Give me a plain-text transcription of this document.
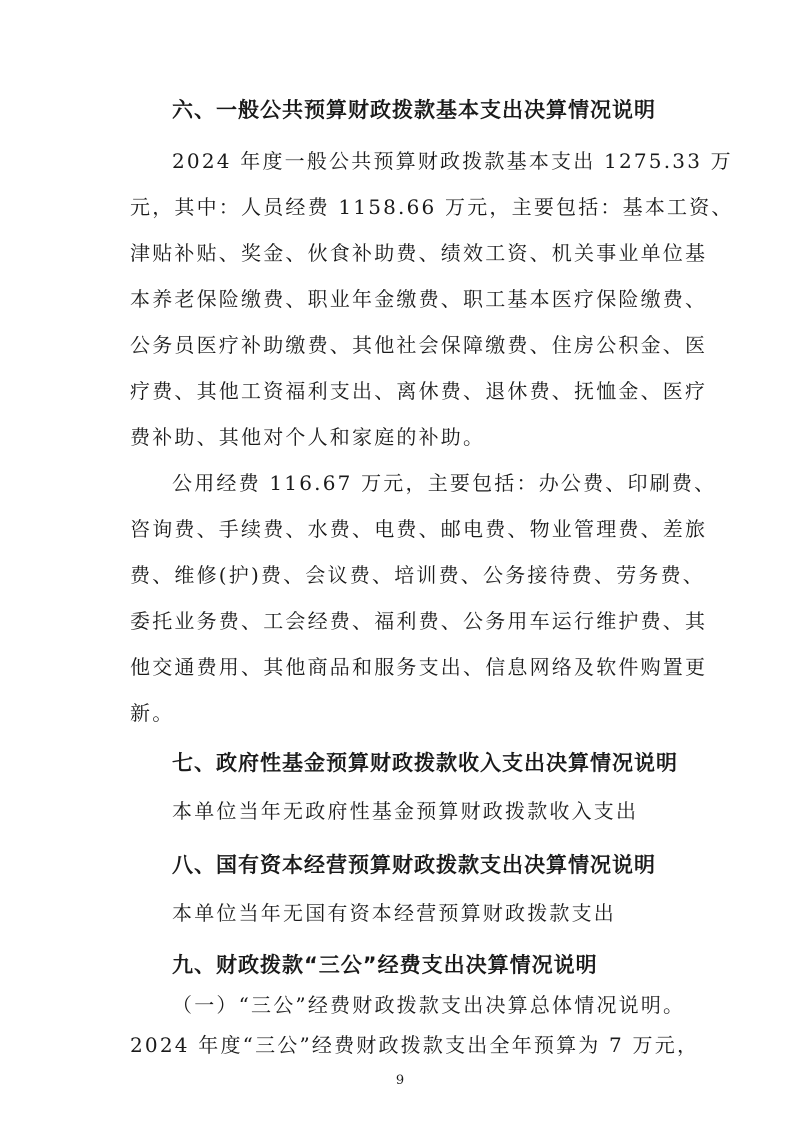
六、一般公共预算财政拨款基本支出决算情况说明
2024 年度一般公共预算财政拨款基本支出 1275.33 万
元，其中：人员经费 1158.66 万元，主要包括：基本工资、
津贴补贴、奖金、伙食补助费、绩效工资、机关事业单位基
本养老保险缴费、职业年金缴费、职工基本医疗保险缴费、
公务员医疗补助缴费、其他社会保障缴费、住房公积金、医
疗费、其他工资福利支出、离休费、退休费、抚恤金、医疗
费补助、其他对个人和家庭的补助。
公用经费 116.67 万元，主要包括：办公费、印刷费、
咨询费、手续费、水费、电费、邮电费、物业管理费、差旅
费、维修(护)费、会议费、培训费、公务接待费、劳务费、
委托业务费、工会经费、福利费、公务用车运行维护费、其
他交通费用、其他商品和服务支出、信息网络及软件购置更
新。
七、政府性基金预算财政拨款收入支出决算情况说明
本单位当年无政府性基金预算财政拨款收入支出
八、国有资本经营预算财政拨款支出决算情况说明
本单位当年无国有资本经营预算财政拨款支出
九、财政拨款“三公”经费支出决算情况说明
（一）“三公”经费财政拨款支出决算总体情况说明。
2024 年度“三公”经费财政拨款支出全年预算为 7 万元，
9
